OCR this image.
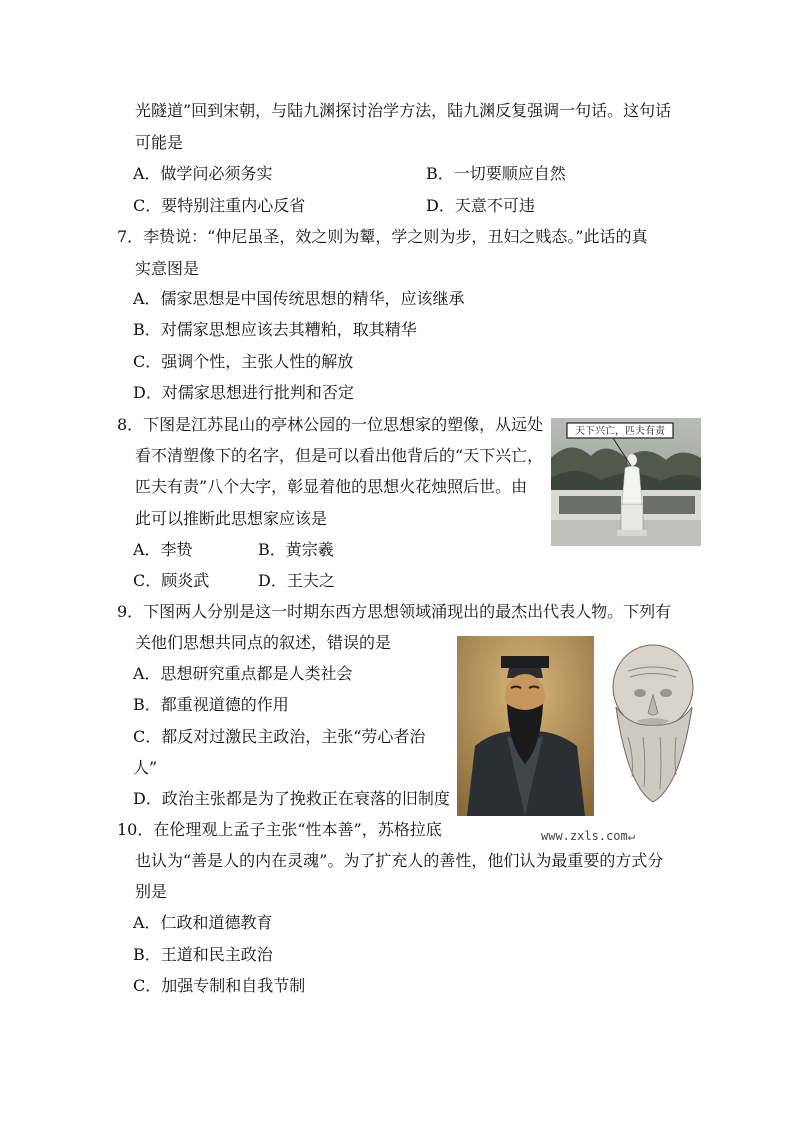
光隧道”回到宋朝，与陆九渊探讨治学方法，陆九渊反复强调一句话。这句话
可能是
A．做学问必须务实	B．一切要顺应自然
C．要特别注重内心反省	D．天意不可违
7．李贽说：“仲尼虽圣，效之则为颦，学之则为步，丑妇之贱态。”此话的真
实意图是
A．儒家思想是中国传统思想的精华，应该继承
B．对儒家思想应该去其糟粕，取其精华
C．强调个性，主张人性的解放
D．对儒家思想进行批判和否定
8．下图是江苏昆山的亭林公园的一位思想家的塑像，从远处
看不清塑像下的名字，但是可以看出他背后的“天下兴亡，
匹夫有责”八个大字，彰显着他的思想火花烛照后世。由
此可以推断此思想家应该是
A．李贽	B．黄宗羲
C．顾炎武	D．王夫之
天下兴亡，匹夫有责
9．下图两人分别是这一时期东西方思想领域涌现出的最杰出代表人物。下列有
关他们思想共同点的叙述，错误的是
A．思想研究重点都是人类社会
B．都重视道德的作用
C．都反对过激民主政治，主张“劳心者治
人”
D．政治主张都是为了挽救正在衰落的旧制度
www.zxls.com↵
10．在伦理观上孟子主张“性本善”，苏格拉底
也认为“善是人的内在灵魂”。为了扩充人的善性，他们认为最重要的方式分
别是
A．仁政和道德教育
B．王道和民主政治
C．加强专制和自我节制
